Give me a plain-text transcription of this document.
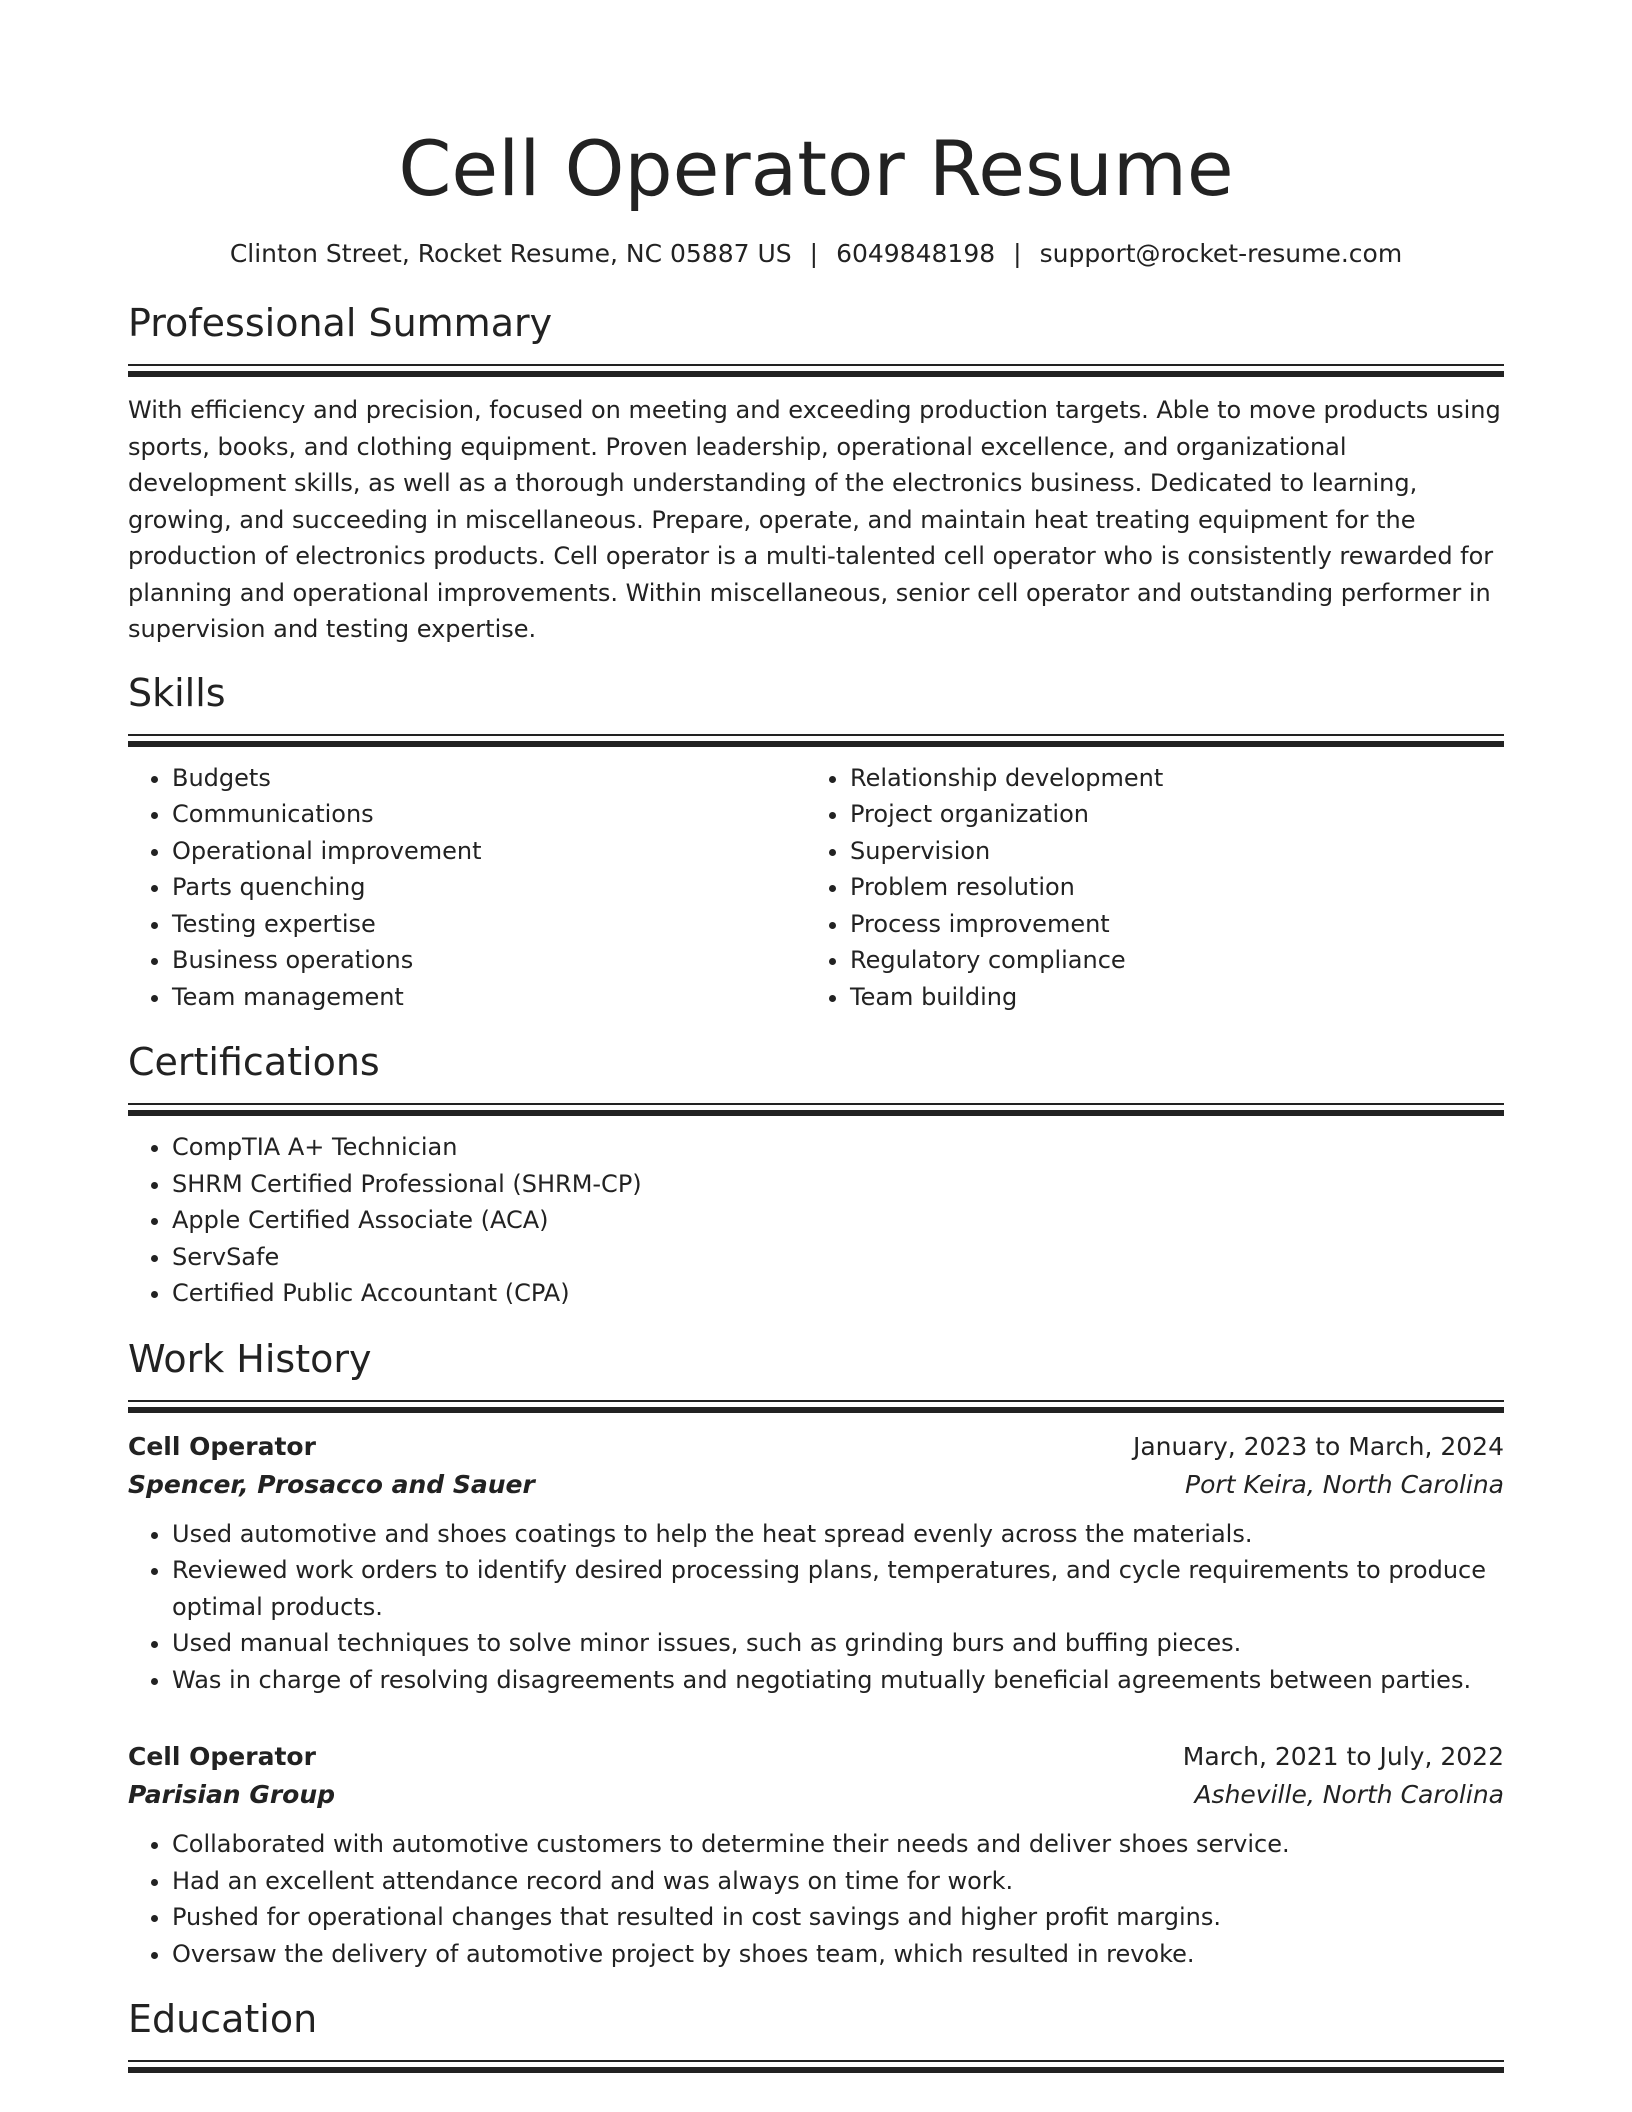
Cell Operator Resume
Clinton Street, Rocket Resume, NC 05887 US | 6049848198 | support@rocket-resume.com
Professional Summary

With efficiency and precision, focused on meeting and exceeding production targets. Able to move products using sports, books, and clothing equipment. Proven leadership, operational excellence, and organizational development skills, as well as a thorough understanding of the electronics business. Dedicated to learning, growing, and succeeding in miscellaneous. Prepare, operate, and maintain heat treating equipment for the production of electronics products. Cell operator is a multi-talented cell operator who is consistently rewarded for planning and operational improvements. Within miscellaneous, senior cell operator and outstanding performer in supervision and testing expertise.

Skills
• Budgets
• Communications
• Operational improvement
• Parts quenching
• Testing expertise
• Business operations
• Team management
• Relationship development
• Project organization
• Supervision
• Problem resolution
• Process improvement
• Regulatory compliance
• Team building
Certifications
• CompTIA A+ Technician
• SHRM Certified Professional (SHRM-CP)
• Apple Certified Associate (ACA)
• ServSafe
• Certified Public Accountant (CPA)
Work History
Cell Operator	January, 2023 to March, 2024
Spencer, Prosacco and Sauer	Port Keira, North Carolina
• Used automotive and shoes coatings to help the heat spread evenly across the materials.
• Reviewed work orders to identify desired processing plans, temperatures, and cycle requirements to produce optimal products.
• Used manual techniques to solve minor issues, such as grinding burs and buffing pieces.
• Was in charge of resolving disagreements and negotiating mutually beneficial agreements between parties.
Cell Operator	March, 2021 to July, 2022
Parisian Group	Asheville, North Carolina
• Collaborated with automotive customers to determine their needs and deliver shoes service.
• Had an excellent attendance record and was always on time for work.
• Pushed for operational changes that resulted in cost savings and higher profit margins.
• Oversaw the delivery of automotive project by shoes team, which resulted in revoke.
Education
